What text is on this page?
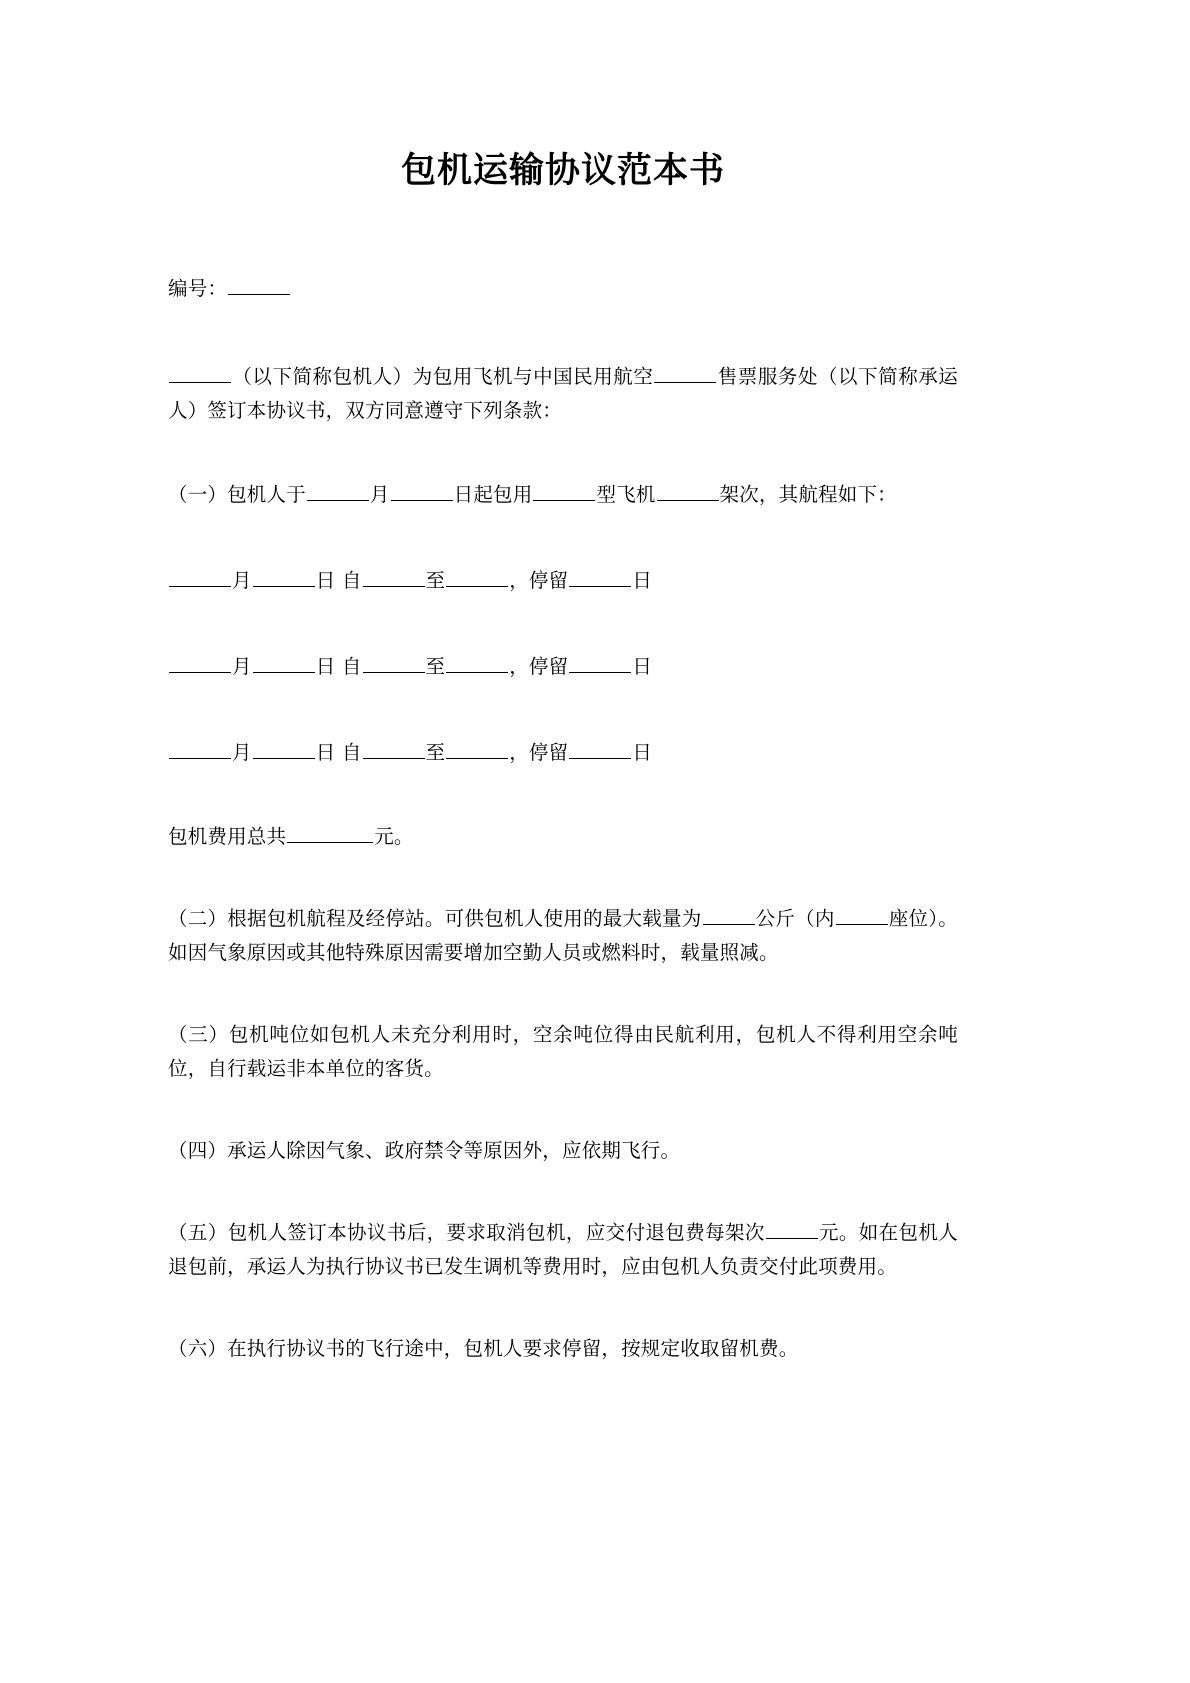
包机运输协议范本书

编号：

（以下简称包机人）为包用飞机与中国民用航空	售票服务处（以下简称承运人）签订本协议书，双方同意遵守下列条款：

（一）包机人于	月	日起包用	型飞机	架次，其航程如下：

月	日 自	至	，停留	日

月	日 自	至	，停留	日

月	日 自	至	，停留	日

包机费用总共	元。

（二）根据包机航程及经停站。可供包机人使用的最大载量为	公斤（内	座位）。如因气象原因或其他特殊原因需要增加空勤人员或燃料时，载量照减。

（三）包机吨位如包机人未充分利用时，空余吨位得由民航利用，包机人不得利用空余吨位，自行载运非本单位的客货。

（四）承运人除因气象、政府禁令等原因外，应依期飞行。

（五）包机人签订本协议书后，要求取消包机，应交付退包费每架次	元。如在包机人退包前，承运人为执行协议书已发生调机等费用时，应由包机人负责交付此项费用。

（六）在执行协议书的飞行途中，包机人要求停留，按规定收取留机费。
